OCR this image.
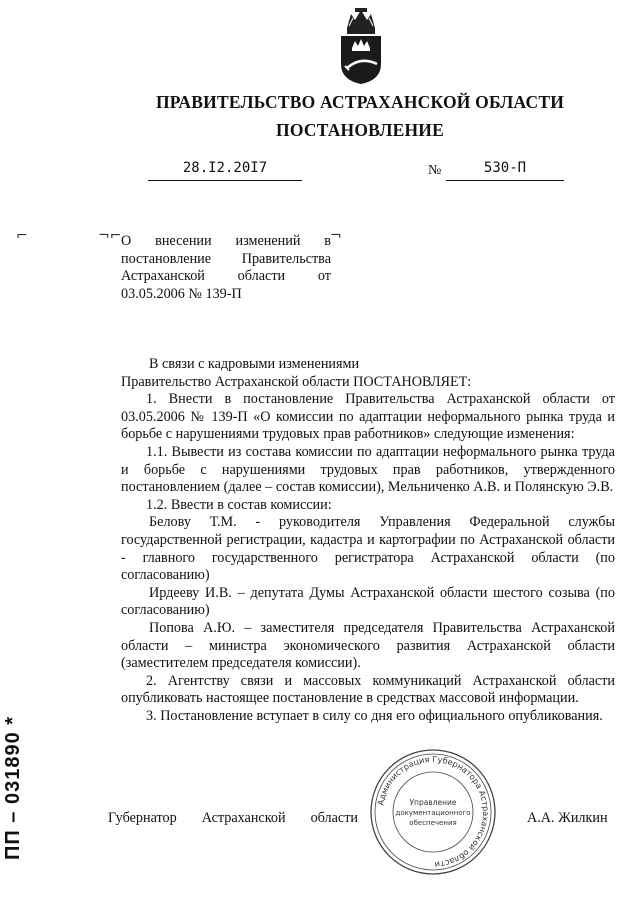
ПРАВИТЕЛЬСТВО АСТРАХАНСКОЙ ОБЛАСТИ
ПОСТАНОВЛЕНИЕ
28.I2.20I7	№	530-П
⌐	¬⌐	¬
О внесении изменений в постановление Правительства Астраханской области от 03.05.2006 № 139-П

В связи с кадровыми изменениями

Правительство Астраханской области ПОСТАНОВЛЯЕТ:

1. Внести в постановление Правительства Астраханской области от 03.05.2006 № 139-П «О комиссии по адаптации неформального рынка труда и борьбе с нарушениями трудовых прав работников» следующие изменения:

1.1. Вывести из состава комиссии по адаптации неформального рынка труда и борьбе с нарушениями трудовых прав работников, утвержденного постановлением (далее – состав комиссии), Мельниченко А.В. и Полянскую Э.В.

1.2. Ввести в состав комиссии:

Белову Т.М. - руководителя Управления Федеральной службы государственной регистрации, кадастра и картографии по Астраханской области - главного государственного регистратора Астраханской области (по согласованию)

Ирдееву И.В. – депутата Думы Астраханской области шестого созыва (по согласованию)

Попова А.Ю. – заместителя председателя Правительства Астраханской области – министра экономического развития Астраханской области (заместителем председателя комиссии).

2. Агентству связи и массовых коммуникаций Астраханской области опубликовать настоящее постановление в средствах массовой информации.

3. Постановление вступает в силу со дня его официального опубликования.

Губернатор Астраханской области	А.А. Жилкин
Администрация Губернатора Астраханской области
Управление
документационного
обеспечения
ПП – 031890 *
